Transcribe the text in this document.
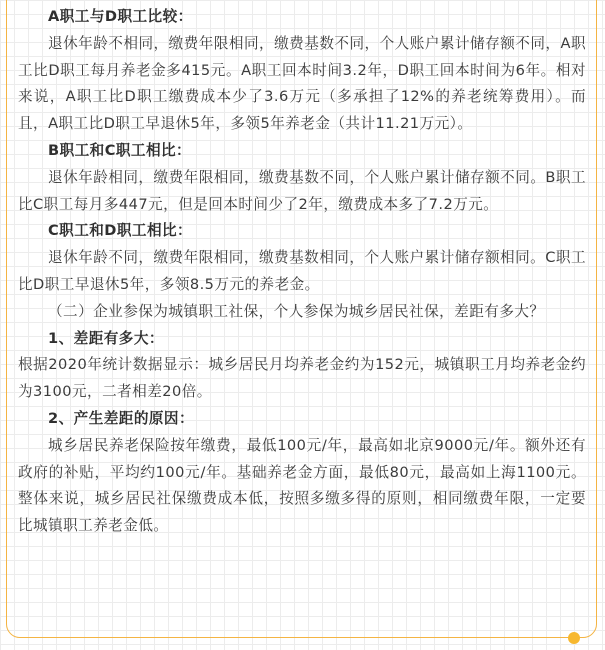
A职工与D职工比较：

退休年龄不相同，缴费年限相同，缴费基数不同，个人账户累计储存额不同，A职工比D职工每月养老金多415元。A职工回本时间3.2年，D职工回本时间为6年。相对来说，A职工比D职工缴费成本少了3.6万元（多承担了12%的养老统筹费用）。而且，A职工比D职工早退休5年，多领5年养老金（共计11.21万元）。

B职工和C职工相比：

退休年龄相同，缴费年限相同，缴费基数不同，个人账户累计储存额不同。B职工比C职工每月多447元，但是回本时间少了2年，缴费成本多了7.2万元。

C职工和D职工相比：

退休年龄不同，缴费年限相同，缴费基数相同，个人账户累计储存额相同。C职工比D职工早退休5年，多领8.5万元的养老金。

（二）企业参保为城镇职工社保，个人参保为城乡居民社保，差距有多大？

1、差距有多大：

根据2020年统计数据显示：城乡居民月均养老金约为152元，城镇职工月均养老金约为3100元，二者相差20倍。

2、产生差距的原因：

城乡居民养老保险按年缴费，最低100元/年，最高如北京9000元/年。额外还有政府的补贴，平均约100元/年。基础养老金方面，最低80元，最高如上海1100元。整体来说，城乡居民社保缴费成本低，按照多缴多得的原则，相同缴费年限，一定要比城镇职工养老金低。
